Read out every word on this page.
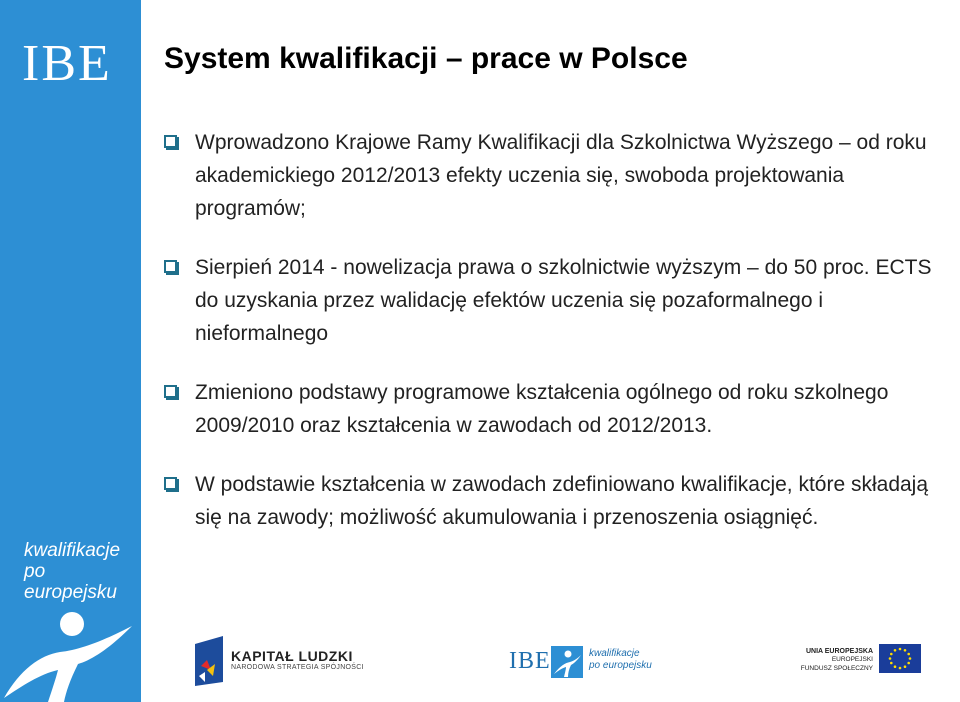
IBE
kwalifikacje
po europejsku
System kwalifikacji – prace w Polsce
Wprowadzono Krajowe Ramy Kwalifikacji dla Szkolnictwa Wyższego – od roku akademickiego 2012/2013 efekty uczenia się, swoboda projektowania programów;
Sierpień 2014 - nowelizacja prawa o szkolnictwie wyższym – do 50 proc. ECTS do uzyskania przez walidację efektów uczenia się pozaformalnego i nieformalnego
Zmieniono podstawy programowe kształcenia ogólnego od roku szkolnego 2009/2010 oraz kształcenia w zawodach od 2012/2013.
W podstawie kształcenia w zawodach zdefiniowano kwalifikacje, które składają się na zawody; możliwość akumulowania i przenoszenia osiągnięć.
KAPITAŁ LUDZKI
NARODOWA STRATEGIA SPÓJNOŚCI	IBE	kwalifikacje
po europejsku
UNIA EUROPEJSKA
EUROPEJSKI
FUNDUSZ SPOŁECZNY
